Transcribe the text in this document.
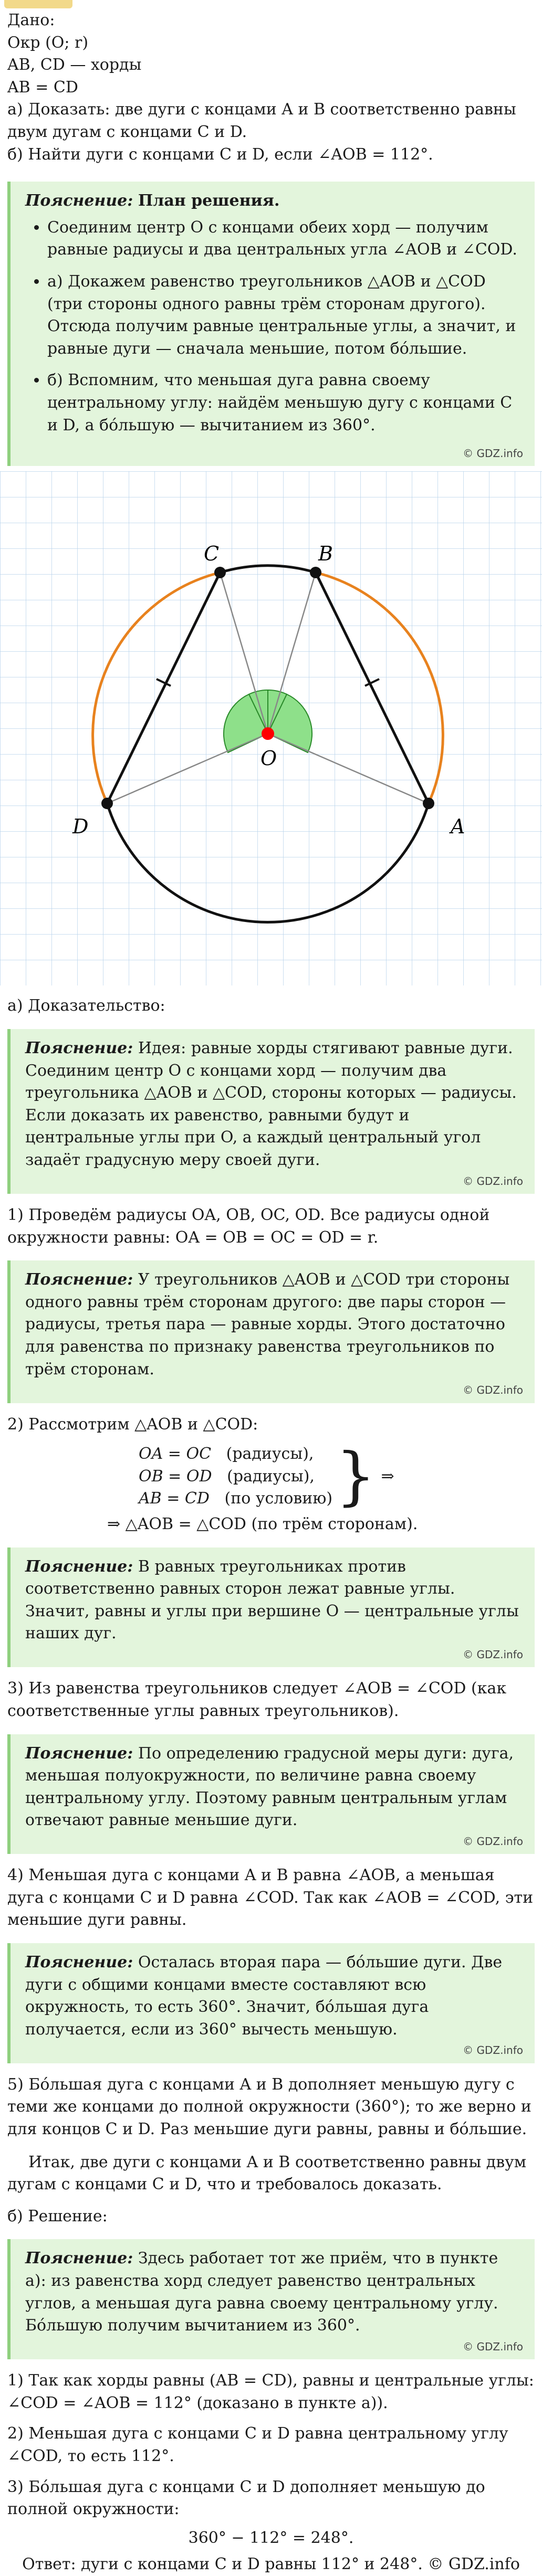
Дано:

Окр (O; r)

AB, CD — хорды

AB = CD

а) Доказать: две дуги с концами A и B соответственно равны двум дугам с концами C и D.

б) Найти дуги с концами C и D, если ∠AOB = 112°.

Пояснение: План решения.
• Соединим центр O с концами обеих хорд — получим равные радиусы и два центральных угла ∠AOB и ∠COD.
• а) Докажем равенство треугольников △AOB и △COD (три стороны одного равны трём сторонам другого). Отсюда получим равные центральные углы, а значит, и равные дуги — сначала меньшие, потом бо́льшие.
• б) Вспомним, что меньшая дуга равна своему центральному углу: найдём меньшую дугу с концами C и D, а бо́льшую — вычитанием из 360°.
© GDZ.info
C	B
O
D	A

а) Доказательство:

Пояснение: Идея: равные хорды стягивают равные дуги. Соединим центр O с концами хорд — получим два треугольника △AOB и △COD, стороны которых — радиусы. Если доказать их равенство, равными будут и центральные углы при O, а каждый центральный угол задаёт градусную меру своей дуги.
© GDZ.info

1) Проведём радиусы OA, OB, OC, OD. Все радиусы одной окружности равны: OA = OB = OC = OD = r.

Пояснение: У треугольников △AOB и △COD три стороны одного равны трём сторонам другого: две пары сторон — радиусы, третья пара — равные хорды. Этого достаточно для равенства по признаку равенства треугольников по трём сторонам.
© GDZ.info

2) Рассмотрим △AOB и △COD:

OA = OC (радиусы),
OB = OD (радиусы),
AB = CD (по условию) } ⇒

⇒ △AOB = △COD (по трём сторонам).

Пояснение: В равных треугольниках против соответственно равных сторон лежат равные углы. Значит, равны и углы при вершине O — центральные углы наших дуг.
© GDZ.info

3) Из равенства треугольников следует ∠AOB = ∠COD (как соответственные углы равных треугольников).

Пояснение: По определению градусной меры дуги: дуга, меньшая полуокружности, по величине равна своему центральному углу. Поэтому равным центральным углам отвечают равные меньшие дуги.
© GDZ.info

4) Меньшая дуга с концами A и B равна ∠AOB, а меньшая дуга с концами C и D равна ∠COD. Так как ∠AOB = ∠COD, эти меньшие дуги равны.

Пояснение: Осталась вторая пара — бо́льшие дуги. Две дуги с общими концами вместе составляют всю окружность, то есть 360°. Значит, бо́льшая дуга получается, если из 360° вычесть меньшую.
© GDZ.info

5) Бо́льшая дуга с концами A и B дополняет меньшую дугу с теми же концами до полной окружности (360°); то же верно и для концов C и D. Раз меньшие дуги равны, равны и бо́льшие.

Итак, две дуги с концами A и B соответственно равны двум дугам с концами C и D, что и требовалось доказать.

б) Решение:

Пояснение: Здесь работает тот же приём, что в пункте а): из равенства хорд следует равенство центральных углов, а меньшая дуга равна своему центральному углу. Бо́льшую получим вычитанием из 360°.
© GDZ.info

1) Так как хорды равны (AB = CD), равны и центральные углы: ∠COD = ∠AOB = 112° (доказано в пункте а)).

2) Меньшая дуга с концами C и D равна центральному углу ∠COD, то есть 112°.

3) Бо́льшая дуга с концами C и D дополняет меньшую до полной окружности:

360° − 112° = 248°.

Ответ: дуги с концами C и D равны 112° и 248°. © GDZ.info
